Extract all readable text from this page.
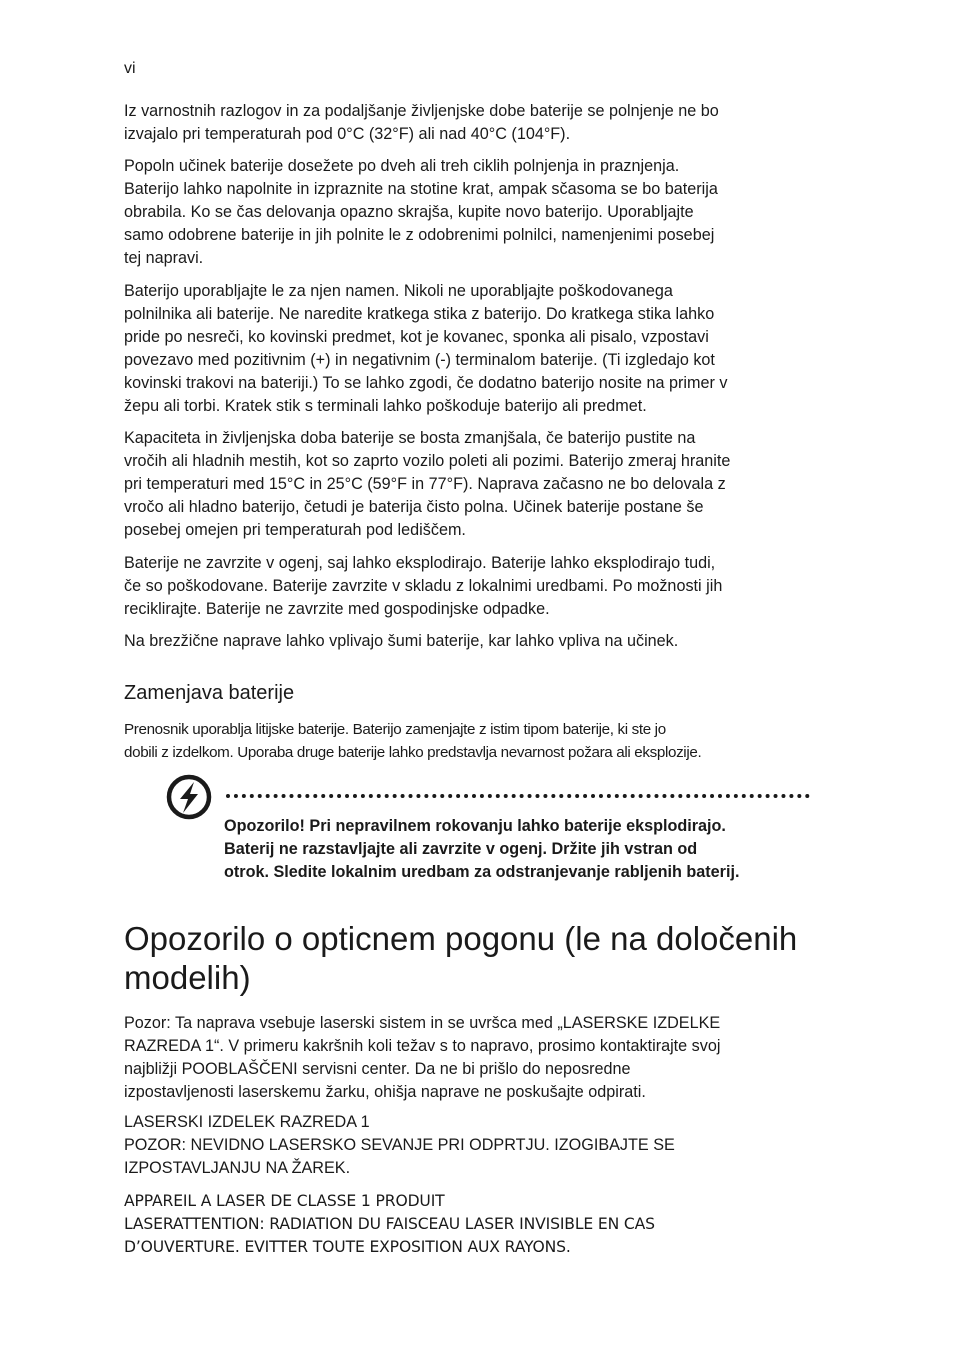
vi

Iz varnostnih razlogov in za podaljšanje življenjske dobe baterije se polnjenje ne bo
izvajalo pri temperaturah pod 0°C (32°F) ali nad 40°C (104°F).

Popoln učinek baterije dosežete po dveh ali treh ciklih polnjenja in praznjenja.
Baterijo lahko napolnite in izpraznite na stotine krat, ampak sčasoma se bo baterija
obrabila. Ko se čas delovanja opazno skrajša, kupite novo baterijo. Uporabljajte
samo odobrene baterije in jih polnite le z odobrenimi polnilci, namenjenimi posebej
tej napravi.

Baterijo uporabljajte le za njen namen. Nikoli ne uporabljajte poškodovanega
polnilnika ali baterije. Ne naredite kratkega stika z baterijo. Do kratkega stika lahko
pride po nesreči, ko kovinski predmet, kot je kovanec, sponka ali pisalo, vzpostavi
povezavo med pozitivnim (+) in negativnim (-) terminalom baterije. (Ti izgledajo kot
kovinski trakovi na bateriji.) To se lahko zgodi, če dodatno baterijo nosite na primer v
žepu ali torbi. Kratek stik s terminali lahko poškoduje baterijo ali predmet.

Kapaciteta in življenjska doba baterije se bosta zmanjšala, če baterijo pustite na
vročih ali hladnih mestih, kot so zaprto vozilo poleti ali pozimi. Baterijo zmeraj hranite
pri temperaturi med 15°C in 25°C (59°F in 77°F). Naprava začasno ne bo delovala z
vročo ali hladno baterijo, četudi je baterija čisto polna. Učinek baterije postane še
posebej omejen pri temperaturah pod lediščem.

Baterije ne zavrzite v ogenj, saj lahko eksplodirajo. Baterije lahko eksplodirajo tudi,
če so poškodovane. Baterije zavrzite v skladu z lokalnimi uredbami. Po možnosti jih
reciklirajte. Baterije ne zavrzite med gospodinjske odpadke.

Na brezžične naprave lahko vplivajo šumi baterije, kar lahko vpliva na učinek.

Zamenjava baterije

Prenosnik uporablja litijske baterije. Baterijo zamenjajte z istim tipom baterije, ki ste jo
dobili z izdelkom. Uporaba druge baterije lahko predstavlja nevarnost požara ali eksplozije.

Opozorilo! Pri nepravilnem rokovanju lahko baterije eksplodirajo.
Baterij ne razstavljajte ali zavrzite v ogenj. Držite jih vstran od
otrok. Sledite lokalnim uredbam za odstranjevanje rabljenih baterij.

Opozorilo o opticnem pogonu (le na določenih
modelih)

Pozor: Ta naprava vsebuje laserski sistem in se uvršca med „LASERSKE IZDELKE
RAZREDA 1“. V primeru kakršnih koli težav s to napravo, prosimo kontaktirajte svoj
najbližji POOBLAŠČENI servisni center. Da ne bi prišlo do neposredne
izpostavljenosti laserskemu žarku, ohišja naprave ne poskušajte odpirati.

LASERSKI IZDELEK RAZREDA 1
POZOR: NEVIDNO LASERSKO SEVANJE PRI ODPRTJU. IZOGIBAJTE SE
IZPOSTAVLJANJU NA ŽAREK.

APPAREIL A LASER DE CLASSE 1 PRODUIT
LASERATTENTION: RADIATION DU FAISCEAU LASER INVISIBLE EN CAS
D’OUVERTURE. EVITTER TOUTE EXPOSITION AUX RAYONS.
